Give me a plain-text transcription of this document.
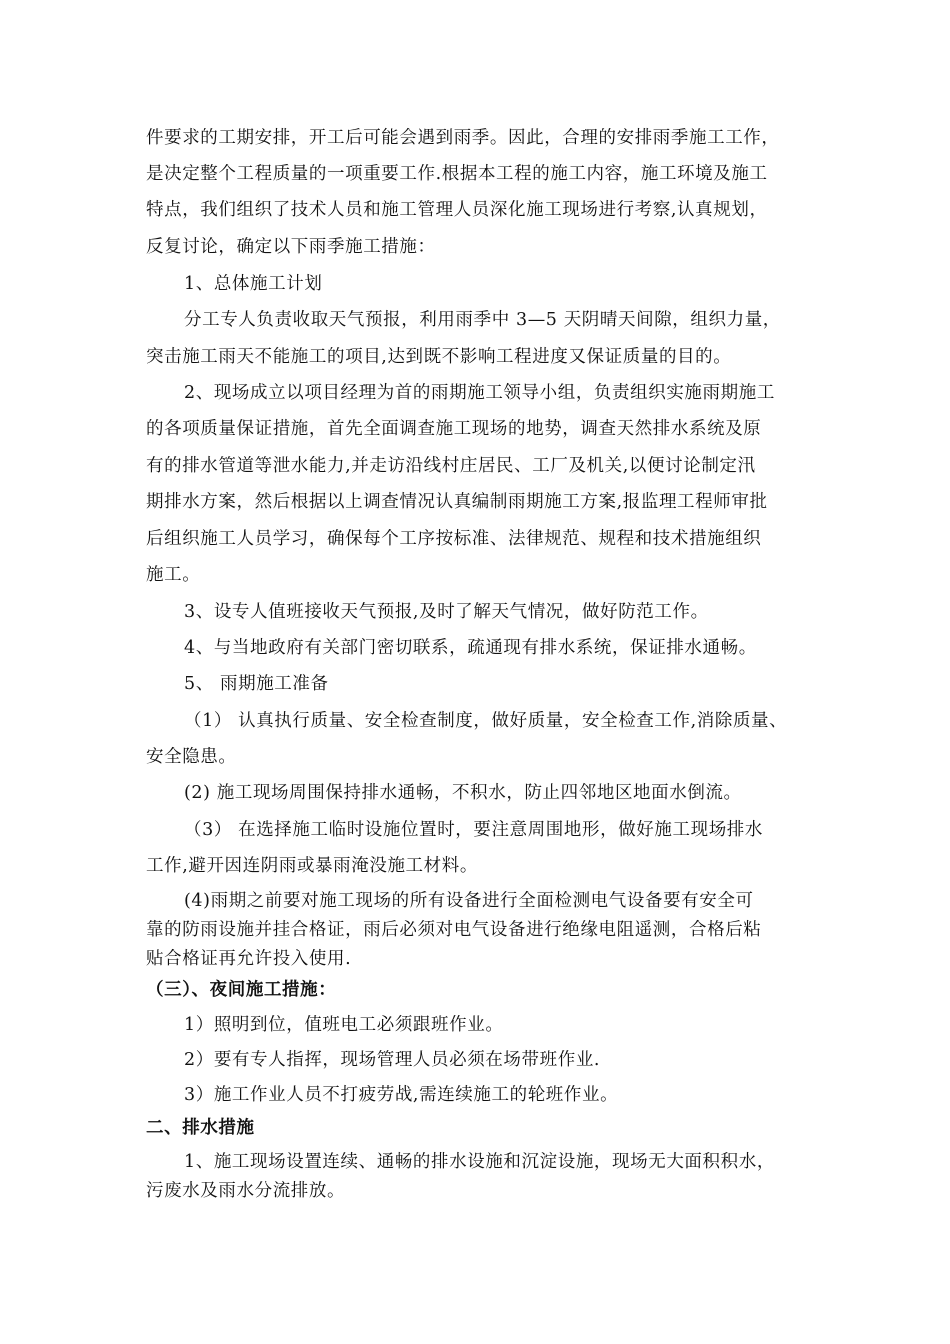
件要求的工期安排，开工后可能会遇到雨季。因此，合理的安排雨季施工工作，
是决定整个工程质量的一项重要工作.根据本工程的施工内容，施工环境及施工
特点，我们组织了技术人员和施工管理人员深化施工现场进行考察,认真规划，
反复讨论，确定以下雨季施工措施：
1、总体施工计划
分工专人负责收取天气预报，利用雨季中 3—5 天阴晴天间隙，组织力量，
突击施工雨天不能施工的项目,达到既不影响工程进度又保证质量的目的。
2、现场成立以项目经理为首的雨期施工领导小组，负责组织实施雨期施工
的各项质量保证措施，首先全面调查施工现场的地势，调查天然排水系统及原
有的排水管道等泄水能力,并走访沿线村庄居民、工厂及机关,以便讨论制定汛
期排水方案，然后根据以上调查情况认真编制雨期施工方案,报监理工程师审批
后组织施工人员学习，确保每个工序按标准、法律规范、规程和技术措施组织
施工。
3、设专人值班接收天气预报,及时了解天气情况，做好防范工作。
4、与当地政府有关部门密切联系，疏通现有排水系统，保证排水通畅。
5、 雨期施工准备
（1） 认真执行质量、安全检查制度，做好质量，安全检查工作,消除质量、
安全隐患。
(2) 施工现场周围保持排水通畅，不积水，防止四邻地区地面水倒流。
（3） 在选择施工临时设施位置时，要注意周围地形，做好施工现场排水
工作,避开因连阴雨或暴雨淹没施工材料。
(4)雨期之前要对施工现场的所有设备进行全面检测电气设备要有安全可
靠的防雨设施并挂合格证，雨后必须对电气设备进行绝缘电阻遥测，合格后粘
贴合格证再允许投入使用.
（三）、夜间施工措施：
1）照明到位，值班电工必须跟班作业。
2）要有专人指挥，现场管理人员必须在场带班作业.
3）施工作业人员不打疲劳战,需连续施工的轮班作业。
二、排水措施
1、施工现场设置连续、通畅的排水设施和沉淀设施，现场无大面积积水，
污废水及雨水分流排放。
